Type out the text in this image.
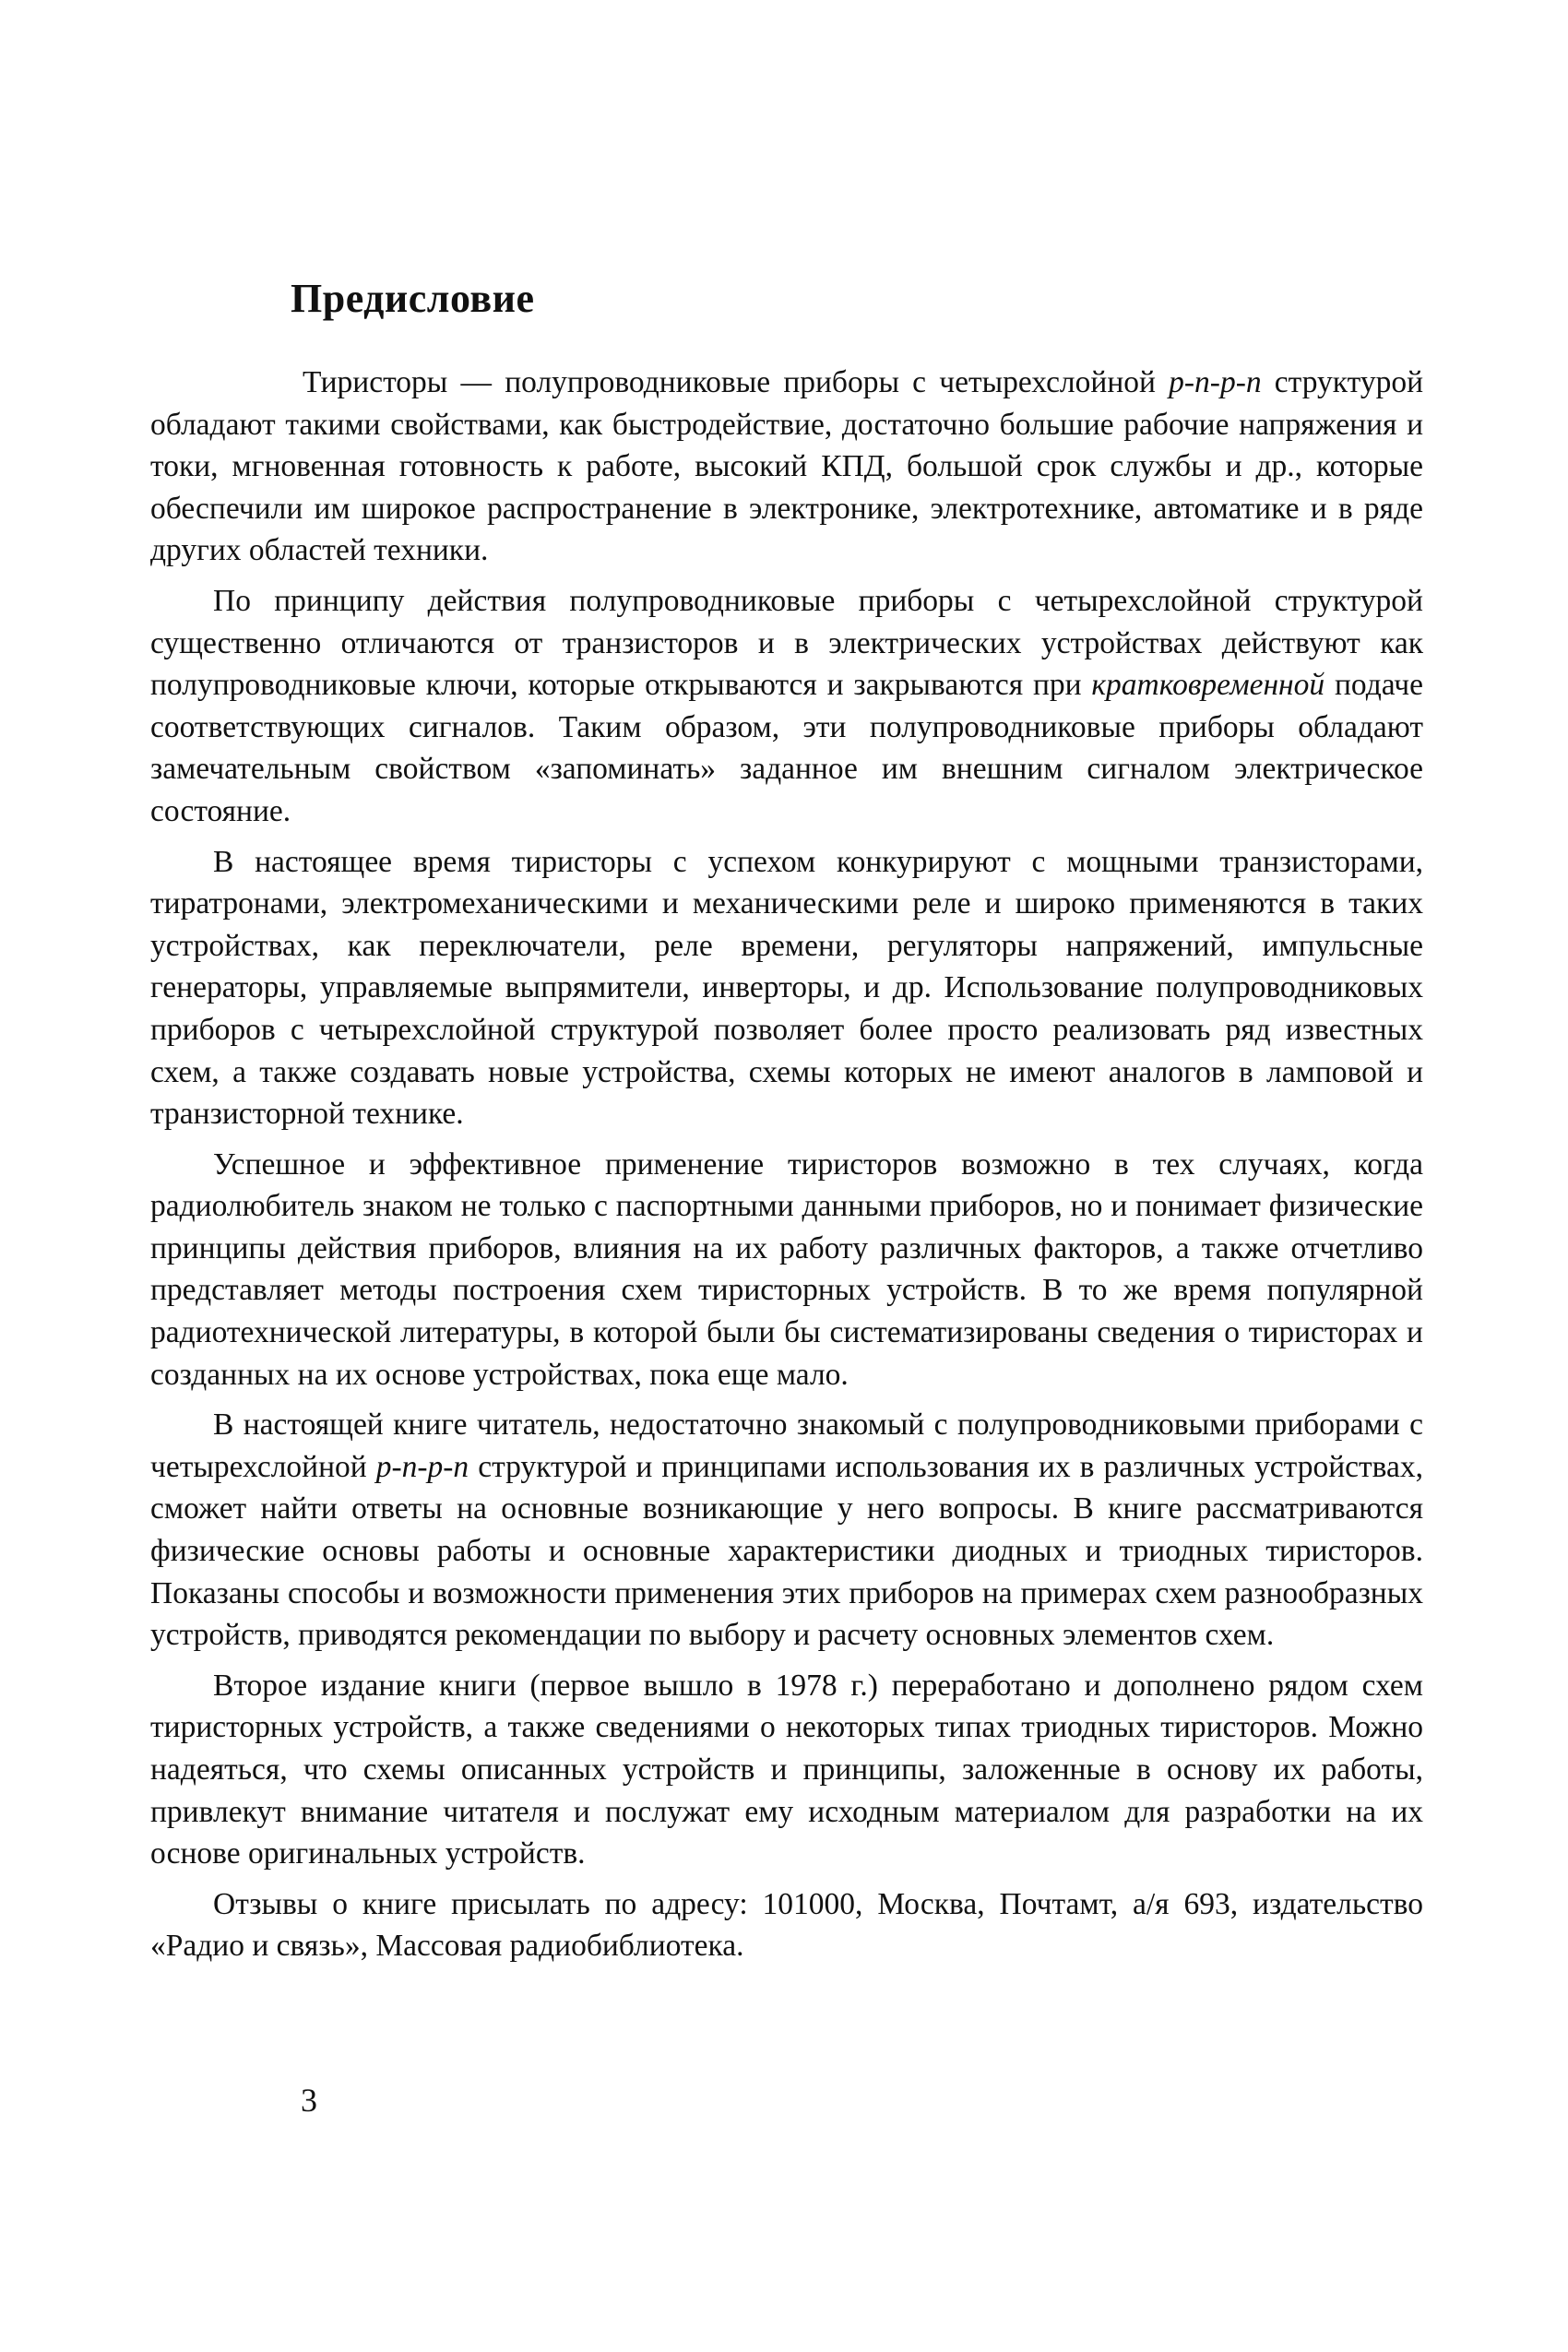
Предисловие

Тиристоры — полупроводниковые приборы с четырехслойной p-n-p-n структурой обладают такими свойствами, как быстродействие, достаточно большие рабочие напряжения и токи, мгновенная готовность к работе, высокий КПД, большой срок службы и др., которые обеспечили им широкое распространение в электронике, электротехнике, автоматике и в ряде других областей техники.

По принципу действия полупроводниковые приборы с четырехслойной структурой существенно отличаются от транзисторов и в электрических устройствах действуют как полупроводниковые ключи, которые открываются и закрываются при кратковременной подаче соответствующих сигналов. Таким образом, эти полупроводниковые приборы обладают замечательным свойством «запоминать» заданное им внешним сигналом электрическое состояние.

В настоящее время тиристоры с успехом конкурируют с мощными транзисторами, тиратронами, электромеханическими и механическими реле и широко применяются в таких устройствах, как переключатели, реле времени, регуляторы напряжений, импульсные генераторы, управляемые выпрямители, инверторы, и др. Использование полупроводниковых приборов с четырехслойной структурой позволяет более просто реализовать ряд известных схем, а также создавать новые устройства, схемы которых не имеют аналогов в ламповой и транзисторной технике.

Успешное и эффективное применение тиристоров возможно в тех случаях, когда радиолюбитель знаком не только с паспортными данными приборов, но и понимает физические принципы действия приборов, влияния на их работу различных факторов, а также отчетливо представляет методы построения схем тиристорных устройств. В то же время популярной радиотехнической литературы, в которой были бы систематизированы сведения о тиристорах и созданных на их основе устройствах, пока еще мало.

В настоящей книге читатель, недостаточно знакомый с полупроводниковыми приборами с четырехслойной p-n-p-n структурой и принципами использования их в различных устройствах, сможет найти ответы на основные возникающие у него вопросы. В книге рассматриваются физические основы работы и основные характеристики диодных и триодных тиристоров. Показаны способы и возможности применения этих приборов на примерах схем разнообразных устройств, приводятся рекомендации по выбору и расчету основных элементов схем.

Второе издание книги (первое вышло в 1978 г.) переработано и дополнено рядом схем тиристорных устройств, а также сведениями о некоторых типах триодных тиристоров. Можно надеяться, что схемы описанных устройств и принципы, заложенные в основу их работы, привлекут внимание читателя и послужат ему исходным материалом для разработки на их основе оригинальных устройств.

Отзывы о книге присылать по адресу: 101000, Москва, Почтамт, а/я 693, издательство «Радио и связь», Массовая радиобиблиотека.

3
